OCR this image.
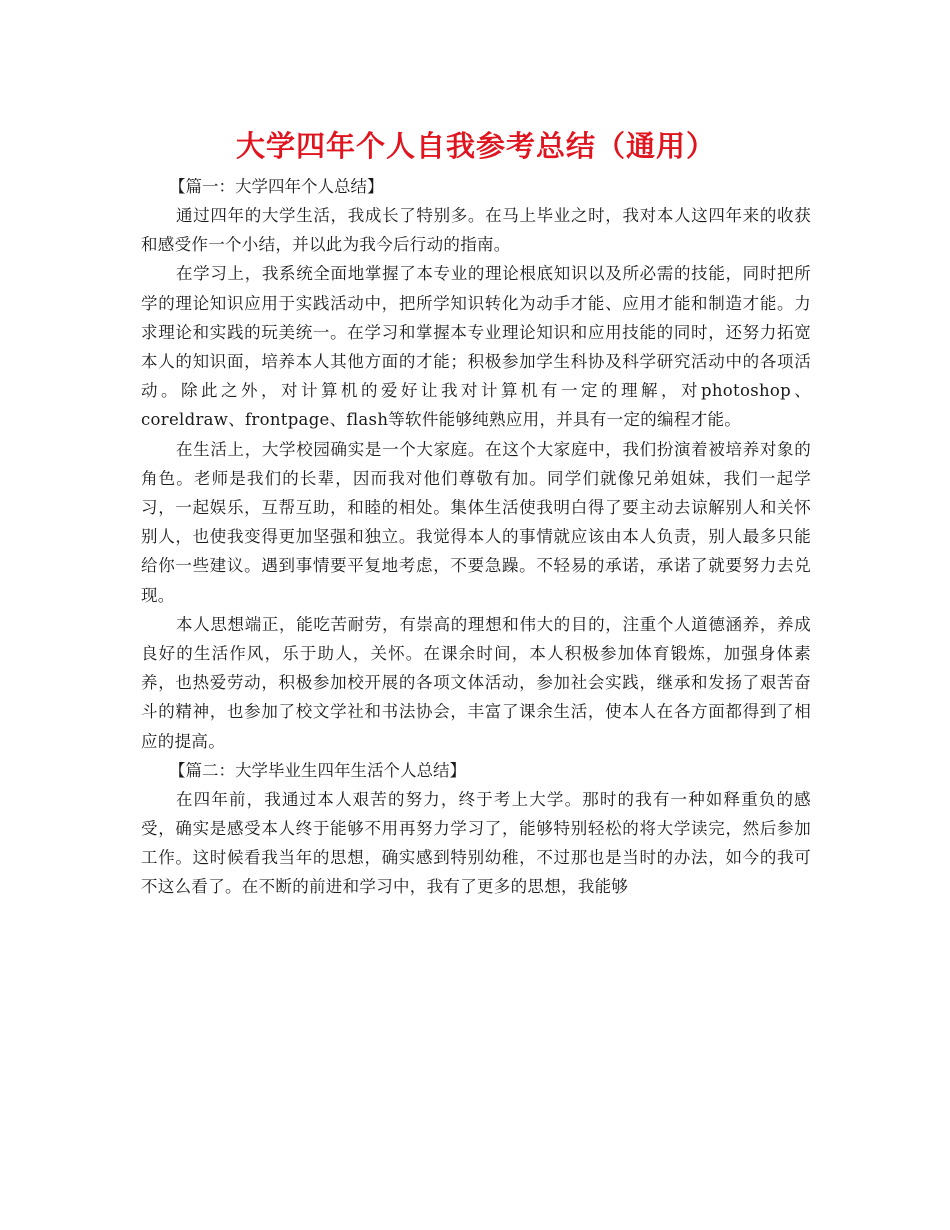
大学四年个人自我参考总结（通用）

【篇一：大学四年个人总结】

通过四年的大学生活，我成长了特别多。在马上毕业之时，我对本人这四年来的收获和感受作一个小结，并以此为我今后行动的指南。

在学习上，我系统全面地掌握了本专业的理论根底知识以及所必需的技能，同时把所学的理论知识应用于实践活动中，把所学知识转化为动手才能、应用才能和制造才能。力求理论和实践的玩美统一。在学习和掌握本专业理论知识和应用技能的同时，还努力拓宽本人的知识面，培养本人其他方面的才能；积极参加学生科协及科学研究活动中的各项活动。除此之外，对计算机的爱好让我对计算机有一定的理解，对photoshop、coreldraw、frontpage、flash等软件能够纯熟应用，并具有一定的编程才能。

在生活上，大学校园确实是一个大家庭。在这个大家庭中，我们扮演着被培养对象的角色。老师是我们的长辈，因而我对他们尊敬有加。同学们就像兄弟姐妹，我们一起学习，一起娱乐，互帮互助，和睦的相处。集体生活使我明白得了要主动去谅解别人和关怀别人，也使我变得更加坚强和独立。我觉得本人的事情就应该由本人负责，别人最多只能给你一些建议。遇到事情要平复地考虑，不要急躁。不轻易的承诺，承诺了就要努力去兑现。

本人思想端正，能吃苦耐劳，有崇高的理想和伟大的目的，注重个人道德涵养，养成良好的生活作风，乐于助人，关怀。在课余时间，本人积极参加体育锻炼，加强身体素养，也热爱劳动，积极参加校开展的各项文体活动，参加社会实践，继承和发扬了艰苦奋斗的精神，也参加了校文学社和书法协会，丰富了课余生活，使本人在各方面都得到了相应的提高。

【篇二：大学毕业生四年生活个人总结】

在四年前，我通过本人艰苦的努力，终于考上大学。那时的我有一种如释重负的感受，确实是感受本人终于能够不用再努力学习了，能够特别轻松的将大学读完，然后参加工作。这时候看我当年的思想，确实感到特别幼稚，不过那也是当时的办法，如今的我可不这么看了。在不断的前进和学习中，我有了更多的思想，我能够
